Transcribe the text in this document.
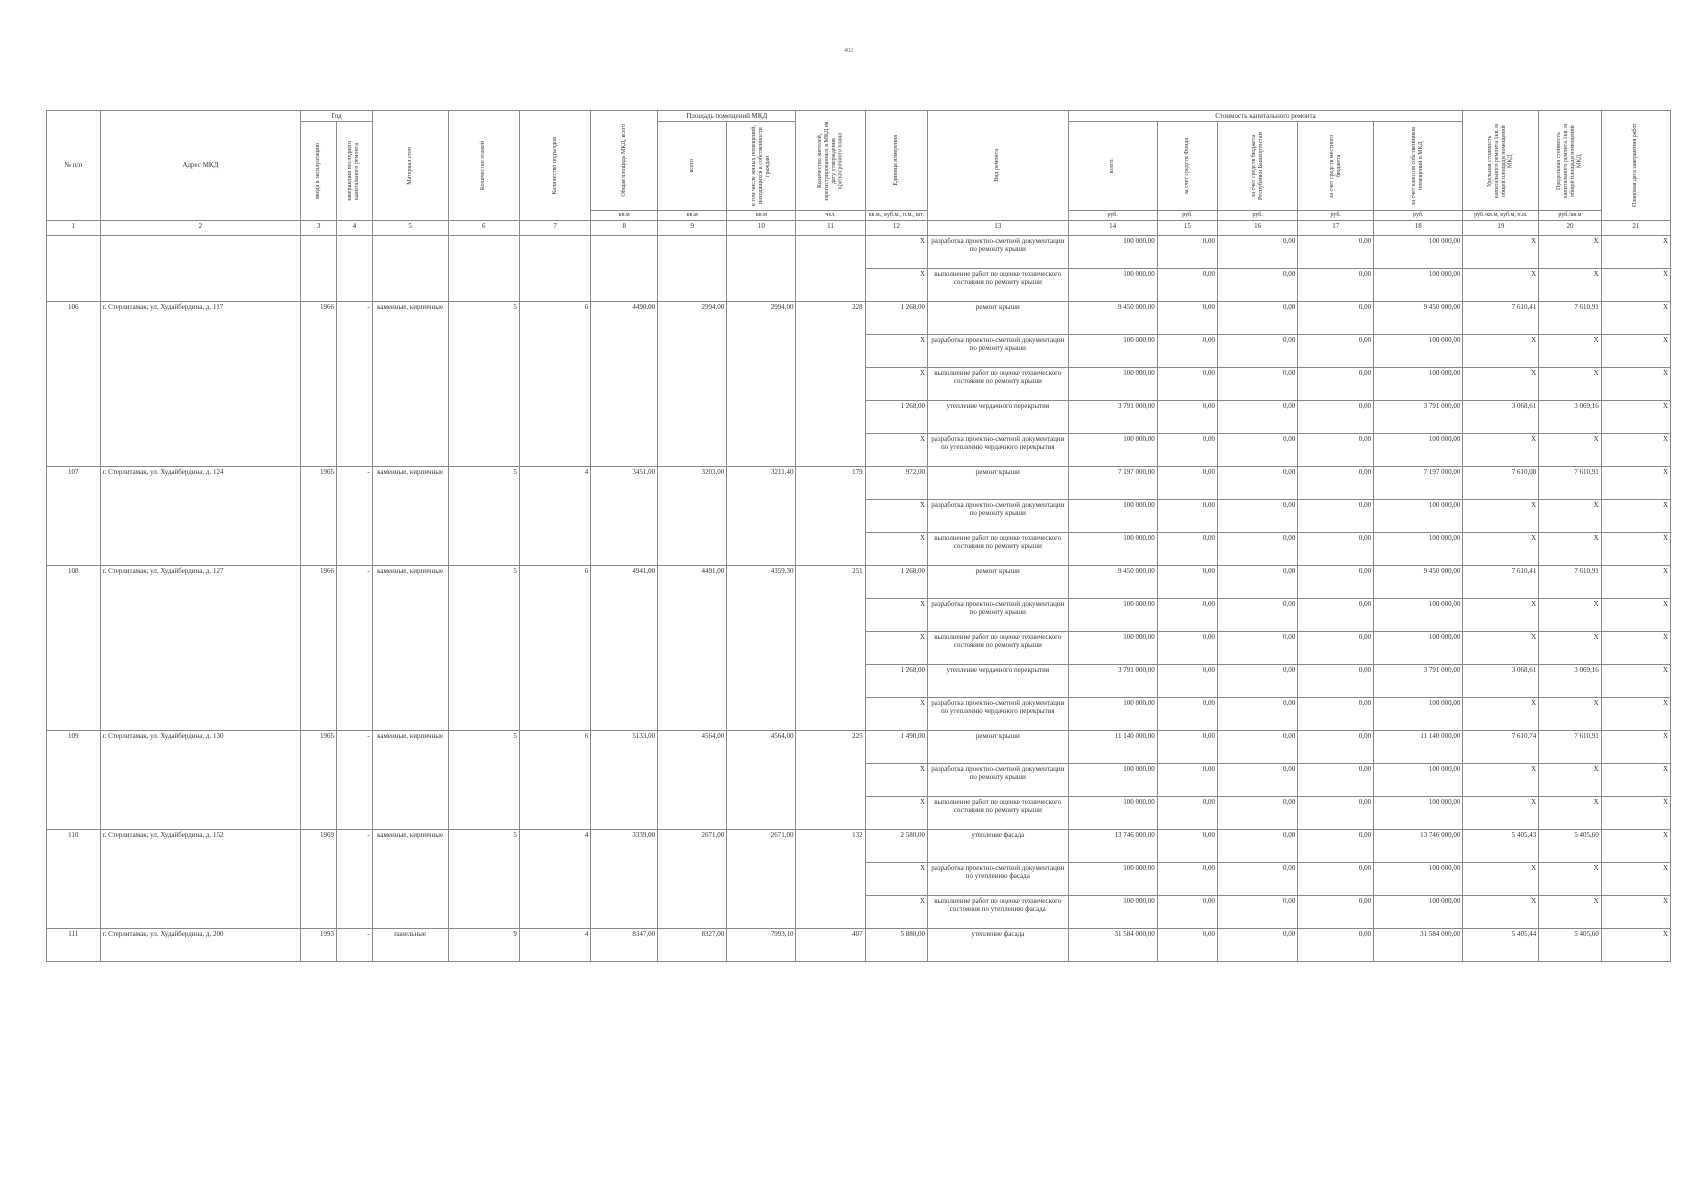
402
№ п/п	Адрес МКД	Год		Материал стен	Количество этажей	Количество подъездов	Общая площадь МКД, всего	Площадь помещений МКД		Количество жителей, зарегистрированных в МКД на дату утверждения краткосрочного плана	Единица измерения	Вид ремонта	Стоимость капитального ремонта					Удельная стоимость капитального ремонта 1кв. м общей площади помещений МКД	Предельная стоимость капитального ремонта 1кв. м общей площади помещений МКД	Плановая дата завершения работ

		ввода в эксплуатацию	завершения последнего капитального ремонта					всего	в том числе жилых помещений, находящихся в собственности граждан				всего:	за счет средств Фонда	за счет средств бюджета Республики Башкортостан	за счет средств местного бюджета	за счет взносов собственников помещений в МКД			

							кв.м	кв.м	кв.м	чел.	кв.м., куб.м., п.м., шт.		руб.	руб.	руб.	руб.	руб.	руб./кв.м, куб.м, п.м.	руб./кв.м	
1	2	3	4	5	6	7	8	9	10	11	12	13	14	15	16	17	18	19	20	21
											X	разработка проектно-сметной документации по ремонту крыши	100 000,00	0,00	0,00	0,00	100 000,00	X	X	X
											X	выполнение работ по оценке технического состояния по ремонту крыши	100 000,00	0,00	0,00	0,00	100 000,00	X	X	X
106	г. Стерлитамак, ул. Худайбердина, д. 117	1966	-	каменные, кирпичные	5	6	4490,00	2994,00	2994,00	228	1 268,00	ремонт крыши	9 450 000,00	0,00	0,00	0,00	9 450 000,00	7 610,41	7 610,91	X
											X	разработка проектно-сметной документации по ремонту крыши	100 000,00	0,00	0,00	0,00	100 000,00	X	X	X
											X	выполнение работ по оценке технического состояния по ремонту крыши	100 000,00	0,00	0,00	0,00	100 000,00	X	X	X
											1 268,00	утепление чердачного перекрытия	3 791 000,00	0,00	0,00	0,00	3 791 000,00	3 068,61	3 069,16	X
											X	разработка проектно-сметной документации по утеплению чердачного перекрытия	100 000,00	0,00	0,00	0,00	100 000,00	X	X	X
107	г. Стерлитамак, ул. Худайбердина, д. 124	1965	-	каменные, кирпичные	5	4	3451,00	3203,00	3211,40	179	972,00	ремонт крыши	7 197 000,00	0,00	0,00	0,00	7 197 000,00	7 610,08	7 610,91	X
											X	разработка проектно-сметной документации по ремонту крыши	100 000,00	0,00	0,00	0,00	100 000,00	X	X	X
											X	выполнение работ по оценке технического состояния по ремонту крыши	100 000,00	0,00	0,00	0,00	100 000,00	X	X	X
108	г. Стерлитамак, ул. Худайбердина, д. 127	1966	-	каменные, кирпичные	5	6	4941,00	4491,00	4359,30	251	1 268,00	ремонт крыши	9 450 000,00	0,00	0,00	0,00	9 450 000,00	7 610,41	7 610,91	X
											X	разработка проектно-сметной документации по ремонту крыши	100 000,00	0,00	0,00	0,00	100 000,00	X	X	X
											X	выполнение работ по оценке технического состояния по ремонту крыши	100 000,00	0,00	0,00	0,00	100 000,00	X	X	X
											1 268,00	утепление чердачного перекрытия	3 791 000,00	0,00	0,00	0,00	3 791 000,00	3 068,61	3 069,16	X
											X	разработка проектно-сметной документации по утеплению чердачного перекрытия	100 000,00	0,00	0,00	0,00	100 000,00	X	X	X
109	г. Стерлитамак, ул. Худайбердина, д. 130	1965	-	каменные, кирпичные	5	6	5133,00	4564,00	4564,00	225	1 490,00	ремонт крыши	11 140 000,00	0,00	0,00	0,00	11 140 000,00	7 610,74	7 610,91	X
											X	разработка проектно-сметной документации по ремонту крыши	100 000,00	0,00	0,00	0,00	100 000,00	X	X	X
											X	выполнение работ по оценке технического состояния по ремонту крыши	100 000,00	0,00	0,00	0,00	100 000,00	X	X	X
110	г. Стерлитамак, ул. Худайбердина, д. 152	1969	-	каменные, кирпичные	5	4	3339,00	2671,00	2671,00	132	2 580,00	утепление фасада	13 746 000,00	0,00	0,00	0,00	13 746 000,00	5 405,43	5 405,60	X
											X	разработка проектно-сметной документации по утеплению фасада	100 000,00	0,00	0,00	0,00	100 000,00	X	X	X
											X	выполнение работ по оценке технического состояния по утеплению фасада	100 000,00	0,00	0,00	0,00	100 000,00	X	X	X
111	г. Стерлитамак, ул. Худайбердина, д. 200	1993	-	панельные	9	4	8347,00	8327,00	7993,10	407	5 880,00	утепление фасада	31 584 000,00	0,00	0,00	0,00	31 584 000,00	5 405,44	5 405,60	X
